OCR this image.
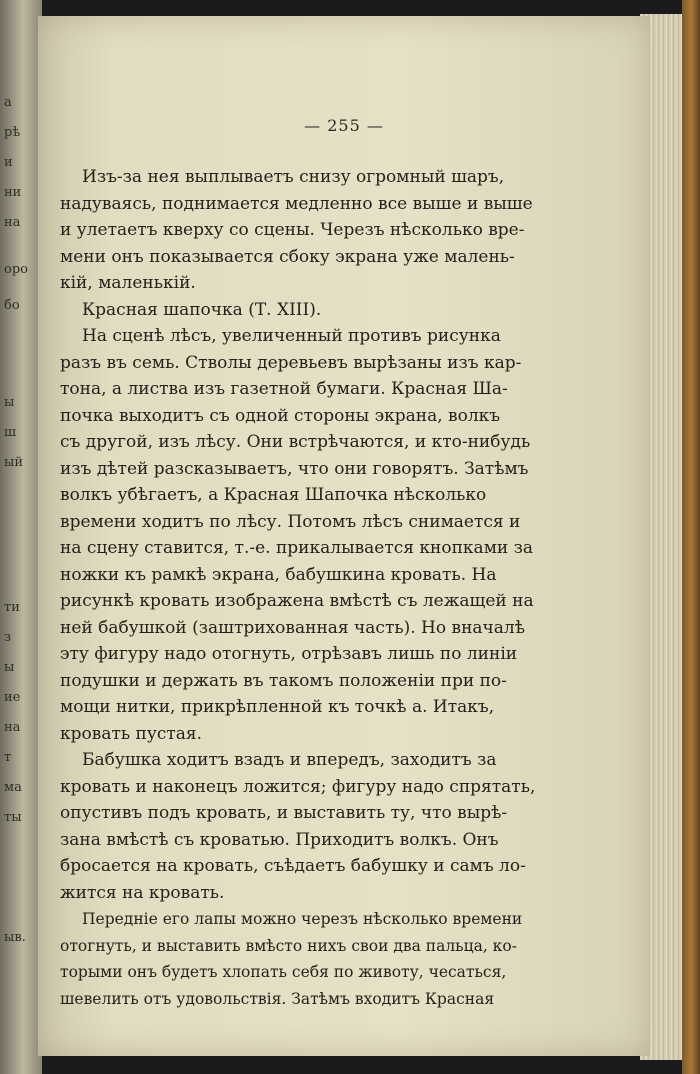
а
рѣ
и
ни
на
оро
бо
ы
ш
ый
ти
з
ы
ие
на
т
ма
ты
ыв.
— 255 —
Изъ-за нея выплываетъ снизу огромный шаръ,
надуваясь, поднимается медленно все выше и выше
и улетаетъ кверху со сцены. Черезъ нѣсколько вре-
мени онъ показывается сбоку экрана уже малень-
кій, маленькій.
Красная шапочка (Т. XIII).
На сценѣ лѣсъ, увеличенный противъ рисунка
разъ въ семь. Стволы деревьевъ вырѣзаны изъ кар-
тона, а листва изъ газетной бумаги. Красная Ша-
почка выходитъ съ одной стороны экрана, волкъ
съ другой, изъ лѣсу. Они встрѣчаются, и кто-нибудь
изъ дѣтей разсказываетъ, что они говорятъ. Затѣмъ
волкъ убѣгаетъ, а Красная Шапочка нѣсколько
времени ходитъ по лѣсу. Потомъ лѣсъ снимается и
на сцену ставится, т.-е. прикалывается кнопками за
ножки къ рамкѣ экрана, бабушкина кровать. На
рисункѣ кровать изображена вмѣстѣ съ лежащей на
ней бабушкой (заштрихованная часть). Но вначалѣ
эту фигуру надо отогнуть, отрѣзавъ лишь по линіи
подушки и держать въ такомъ положеніи при по-
мощи нитки, прикрѣпленной къ точкѣ а. Итакъ,
кровать пустая.
Бабушка ходитъ взадъ и впередъ, заходитъ за
кровать и наконецъ ложится; фигуру надо спрятать,
опустивъ подъ кровать, и выставить ту, что вырѣ-
зана вмѣстѣ съ кроватью. Приходитъ волкъ. Онъ
бросается на кровать, съѣдаетъ бабушку и самъ ло-
жится на кровать.
Передніе его лапы можно черезъ нѣсколько времени
отогнуть, и выставить вмѣсто нихъ свои два пальца, ко-
торыми онъ будетъ хлопать себя по животу, чесаться,
шевелить отъ удовольствія. Затѣмъ входитъ Красная
